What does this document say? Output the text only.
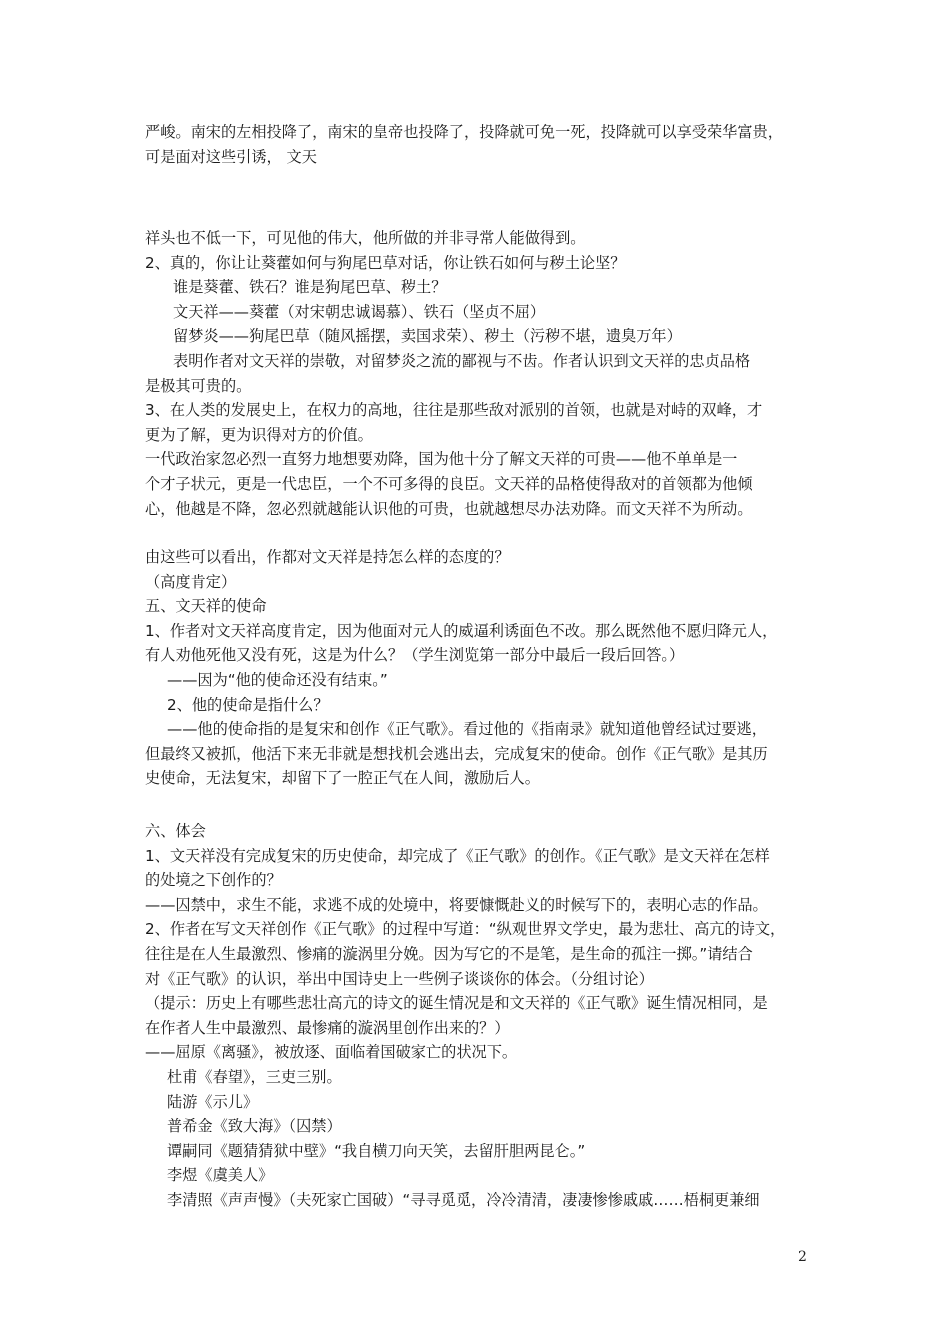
严峻。南宋的左相投降了，南宋的皇帝也投降了，投降就可免一死，投降就可以享受荣华富贵，

可是面对这些引诱， 文天

祥头也不低一下，可见他的伟大，他所做的并非寻常人能做得到。

2、真的，你让让葵藿如何与狗尾巴草对话，你让铁石如何与秽土论坚？

谁是葵藿、铁石？谁是狗尾巴草、秽土？

文天祥——葵藿（对宋朝忠诚谒慕）、铁石（坚贞不屈）

留梦炎——狗尾巴草（随风摇摆，卖国求荣）、秽土（污秽不堪，遗臭万年）

表明作者对文天祥的崇敬，对留梦炎之流的鄙视与不齿。作者认识到文天祥的忠贞品格

是极其可贵的。

3、在人类的发展史上，在权力的高地，往往是那些敌对派别的首领，也就是对峙的双峰，才

更为了解，更为识得对方的价值。

一代政治家忽必烈一直努力地想要劝降，国为他十分了解文天祥的可贵——他不单单是一

个才子状元，更是一代忠臣，一个不可多得的良臣。文天祥的品格使得敌对的首领都为他倾

心，他越是不降，忽必烈就越能认识他的可贵，也就越想尽办法劝降。而文天祥不为所动。

由这些可以看出，作都对文天祥是持怎么样的态度的？

（高度肯定）

五、文天祥的使命

1、作者对文天祥高度肯定，因为他面对元人的威逼利诱面色不改。那么既然他不愿归降元人，

有人劝他死他又没有死，这是为什么？（学生浏览第一部分中最后一段后回答。）

——因为“他的使命还没有结束。”

2、他的使命是指什么？

——他的使命指的是复宋和创作《正气歌》。看过他的《指南录》就知道他曾经试过要逃，

但最终又被抓，他活下来无非就是想找机会逃出去，完成复宋的使命。创作《正气歌》是其历

史使命，无法复宋，却留下了一腔正气在人间，激励后人。

六、体会

1、文天祥没有完成复宋的历史使命，却完成了《正气歌》的创作。《正气歌》是文天祥在怎样

的处境之下创作的？

——囚禁中，求生不能，求逃不成的处境中，将要慷慨赴义的时候写下的，表明心志的作品。

2、作者在写文天祥创作《正气歌》的过程中写道：“纵观世界文学史，最为悲壮、高亢的诗文，

往往是在人生最激烈、惨痛的漩涡里分娩。因为写它的不是笔，是生命的孤注一掷。”请结合

对《正气歌》的认识，举出中国诗史上一些例子谈谈你的体会。（分组讨论）

（提示：历史上有哪些悲壮高亢的诗文的诞生情况是和文天祥的《正气歌》诞生情况相同，是

在作者人生中最激烈、最惨痛的漩涡里创作出来的？）

——屈原《离骚》，被放逐、面临着国破家亡的状况下。

杜甫《春望》，三吏三别。

陆游《示儿》

普希金《致大海》（囚禁）

谭嗣同《题猜猜狱中壁》“我自横刀向天笑，去留肝胆两昆仑。”

李煜《虞美人》

李清照《声声慢》（夫死家亡国破）“寻寻觅觅，冷冷清清，凄凄惨惨戚戚……梧桐更兼细

2
